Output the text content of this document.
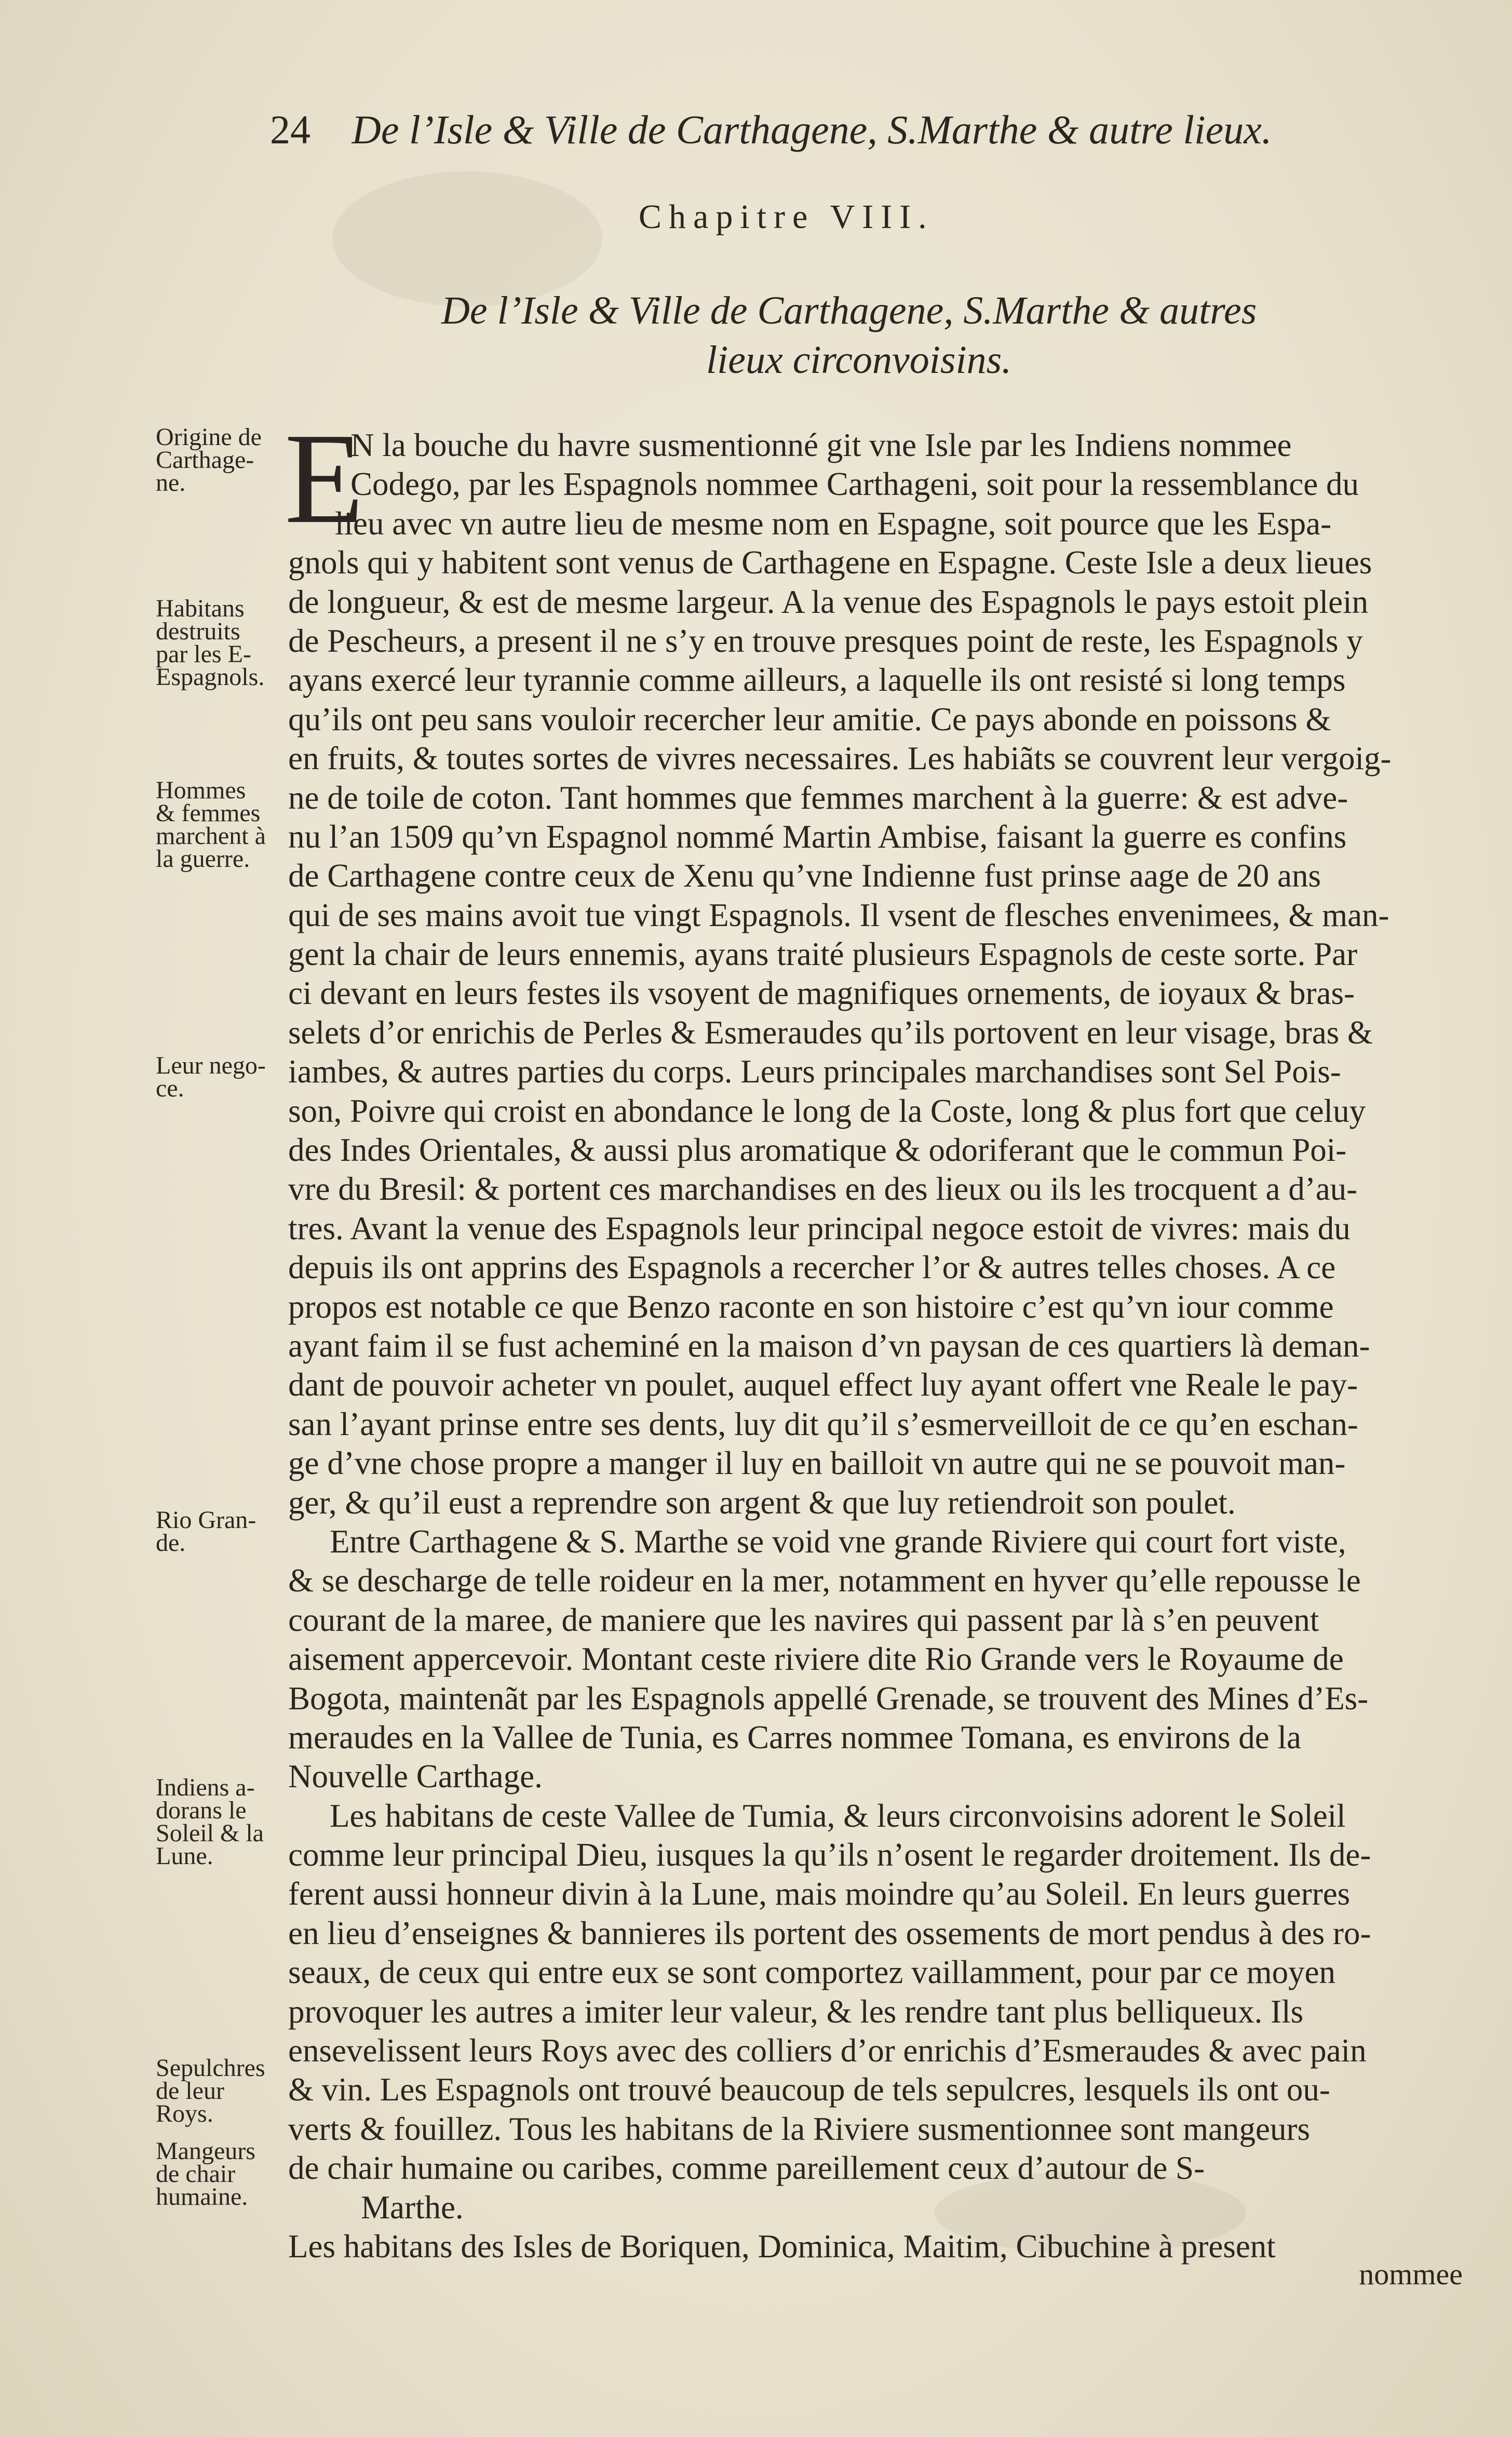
24 De l’Isle & Ville de Carthagene, S.Marthe & autre lieux.
Chapitre VIII.
De l’Isle & Ville de Carthagene, S.Marthe & autres
lieux circonvoisins.
E
N la bouche du havre susmentionné git vne Isle par les Indiens nommee
Codego, par les Espagnols nommee Carthageni, soit pour la ressemblance du
lieu avec vn autre lieu de mesme nom en Espagne, soit pource que les Espa-
gnols qui y habitent sont venus de Carthagene en Espagne. Ceste Isle a deux lieues
de longueur, & est de mesme largeur. A la venue des Espagnols le pays estoit plein
de Pescheurs, a present il ne s’y en trouve presques point de reste, les Espagnols y
ayans exercé leur tyrannie comme ailleurs, a laquelle ils ont resisté si long temps
qu’ils ont peu sans vouloir recercher leur amitie. Ce pays abonde en poissons &
en fruits, & toutes sortes de vivres necessaires. Les habiãts se couvrent leur vergoig-
ne de toile de coton. Tant hommes que femmes marchent à la guerre: & est adve-
nu l’an 1509 qu’vn Espagnol nommé Martin Ambise, faisant la guerre es confins
de Carthagene contre ceux de Xenu qu’vne Indienne fust prinse aage de 20 ans
qui de ses mains avoit tue vingt Espagnols. Il vsent de flesches envenimees, & man-
gent la chair de leurs ennemis, ayans traité plusieurs Espagnols de ceste sorte. Par
ci devant en leurs festes ils vsoyent de magnifiques ornements, de ioyaux & bras-
selets d’or enrichis de Perles & Esmeraudes qu’ils portovent en leur visage, bras &
iambes, & autres parties du corps. Leurs principales marchandises sont Sel Pois-
son, Poivre qui croist en abondance le long de la Coste, long & plus fort que celuy
des Indes Orientales, & aussi plus aromatique & odoriferant que le commun Poi-
vre du Bresil: & portent ces marchandises en des lieux ou ils les trocquent a d’au-
tres. Avant la venue des Espagnols leur principal negoce estoit de vivres: mais du
depuis ils ont apprins des Espagnols a recercher l’or & autres telles choses. A ce
propos est notable ce que Benzo raconte en son histoire c’est qu’vn iour comme
ayant faim il se fust acheminé en la maison d’vn paysan de ces quartiers là deman-
dant de pouvoir acheter vn poulet, auquel effect luy ayant offert vne Reale le pay-
san l’ayant prinse entre ses dents, luy dit qu’il s’esmerveilloit de ce qu’en eschan-
ge d’vne chose propre a manger il luy en bailloit vn autre qui ne se pouvoit man-
ger, & qu’il eust a reprendre son argent & que luy retiendroit son poulet.
Entre Carthagene & S. Marthe se void vne grande Riviere qui court fort viste,
& se descharge de telle roideur en la mer, notamment en hyver qu’elle repousse le
courant de la maree, de maniere que les navires qui passent par là s’en peuvent
aisement appercevoir. Montant ceste riviere dite Rio Grande vers le Royaume de
Bogota, maintenãt par les Espagnols appellé Grenade, se trouvent des Mines d’Es-
meraudes en la Vallee de Tunia, es Carres nommee Tomana, es environs de la
Nouvelle Carthage.
Les habitans de ceste Vallee de Tumia, & leurs circonvoisins adorent le Soleil
comme leur principal Dieu, iusques la qu’ils n’osent le regarder droitement. Ils de-
ferent aussi honneur divin à la Lune, mais moindre qu’au Soleil. En leurs guerres
en lieu d’enseignes & bannieres ils portent des ossements de mort pendus à des ro-
seaux, de ceux qui entre eux se sont comportez vaillamment, pour par ce moyen
provoquer les autres a imiter leur valeur, & les rendre tant plus belliqueux. Ils
ensevelissent leurs Roys avec des colliers d’or enrichis d’Esmeraudes & avec pain
& vin. Les Espagnols ont trouvé beaucoup de tels sepulcres, lesquels ils ont ou-
verts & fouillez. Tous les habitans de la Riviere susmentionnee sont mangeurs
de chair humaine ou caribes, comme pareillement ceux d’autour de S-
Marthe.
Les habitans des Isles de Boriquen, Dominica, Maitim, Cibuchine à present
Origine de
Carthage-
ne.
Habitans
destruits
par les E-
Espagnols.
Hommes
& femmes
marchent à
la guerre.
Leur nego-
ce.
Rio Gran-
de.
Indiens a-
dorans le
Soleil & la
Lune.
Sepulchres
de leur
Roys.
Mangeurs
de chair
humaine.
nommee
